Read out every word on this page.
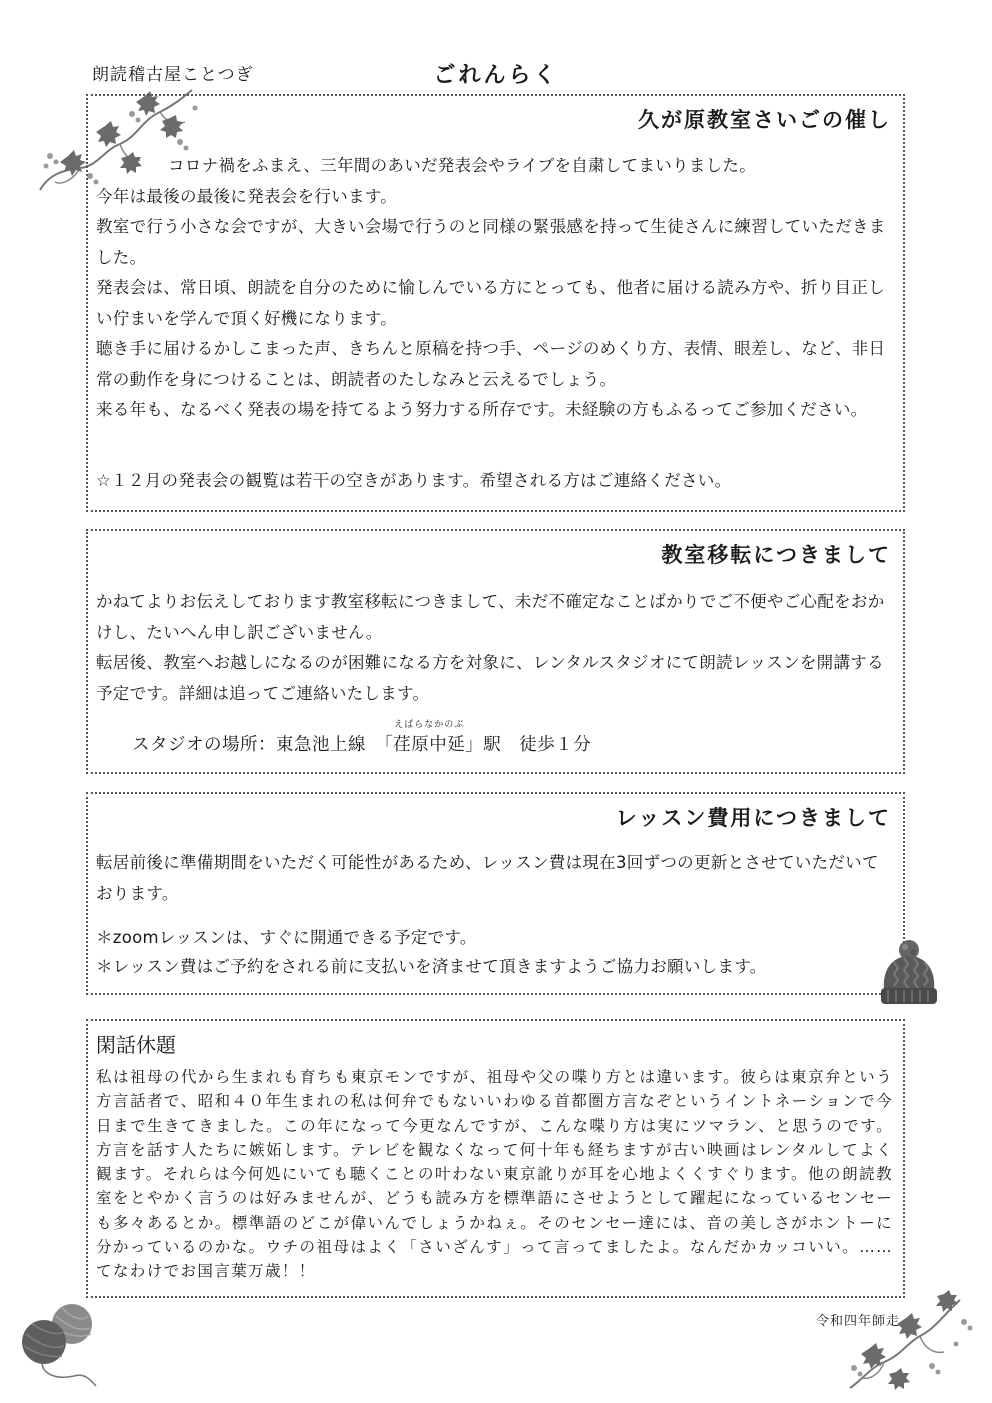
朗読稽古屋ことつぎ	ごれんらく
久が原教室さいごの催し

コロナ禍をふまえ、三年間のあいだ発表会やライブを自粛してまいりました。

今年は最後の最後に発表会を行います。

教室で行う小さな会ですが、大きい会場で行うのと同様の緊張感を持って生徒さんに練習していただきました。

発表会は、常日頃、朗読を自分のために愉しんでいる方にとっても、他者に届ける読み方や、折り目正しい佇まいを学んで頂く好機になります。

聴き手に届けるかしこまった声、きちんと原稿を持つ手、ページのめくり方、表情、眼差し、など、非日常の動作を身につけることは、朗読者のたしなみと云えるでしょう。

来る年も、なるべく発表の場を持てるよう努力する所存です。未経験の方もふるってご参加ください。

☆１２月の発表会の観覧は若干の空きがあります。希望される方はご連絡ください。
教室移転につきまして

かねてよりお伝えしております教室移転につきまして、未だ不確定なことばかりでご不便やご心配をおかけし、たいへん申し訳ございません。

転居後、教室へお越しになるのが困難になる方を対象に、レンタルスタジオにて朗読レッスンを開講する予定です。詳細は追ってご連絡いたします。

スタジオの場所：東急池上線　「
えばらなかのぶ
荏原中延」駅　徒歩１分
レッスン費用につきまして
転居前後に準備期間をいただく可能性があるため、レッスン費は現在3回ずつの更新とさせていただいております。

＊zoomレッスンは、すぐに開通できる予定です。

＊レッスン費はご予約をされる前に支払いを済ませて頂きますようご協力お願いします。

閑話休題
私は祖母の代から生まれも育ちも東京モンですが、祖母や父の喋り方とは違います。彼らは東京弁という方言話者で、昭和４０年生まれの私は何弁でもないいわゆる首都圏方言なぞというイントネーションで今日まで生きてきました。この年になって今更なんですが、こんな喋り方は実にツマラン、と思うのです。方言を話す人たちに嫉妬します。テレビを観なくなって何十年も経ちますが古い映画はレンタルしてよく観ます。それらは今何処にいても聴くことの叶わない東京訛りが耳を心地よくくすぐります。他の朗読教室をとやかく言うのは好みませんが、どうも読み方を標準語にさせようとして躍起になっているセンセーも多々あるとか。標準語のどこが偉いんでしょうかねぇ。そのセンセー達には、音の美しさがホントーに分かっているのかな。ウチの祖母はよく「さいざんす」って言ってましたよ。なんだかカッコいい。……てなわけでお国言葉万歳！！
令和四年師走
